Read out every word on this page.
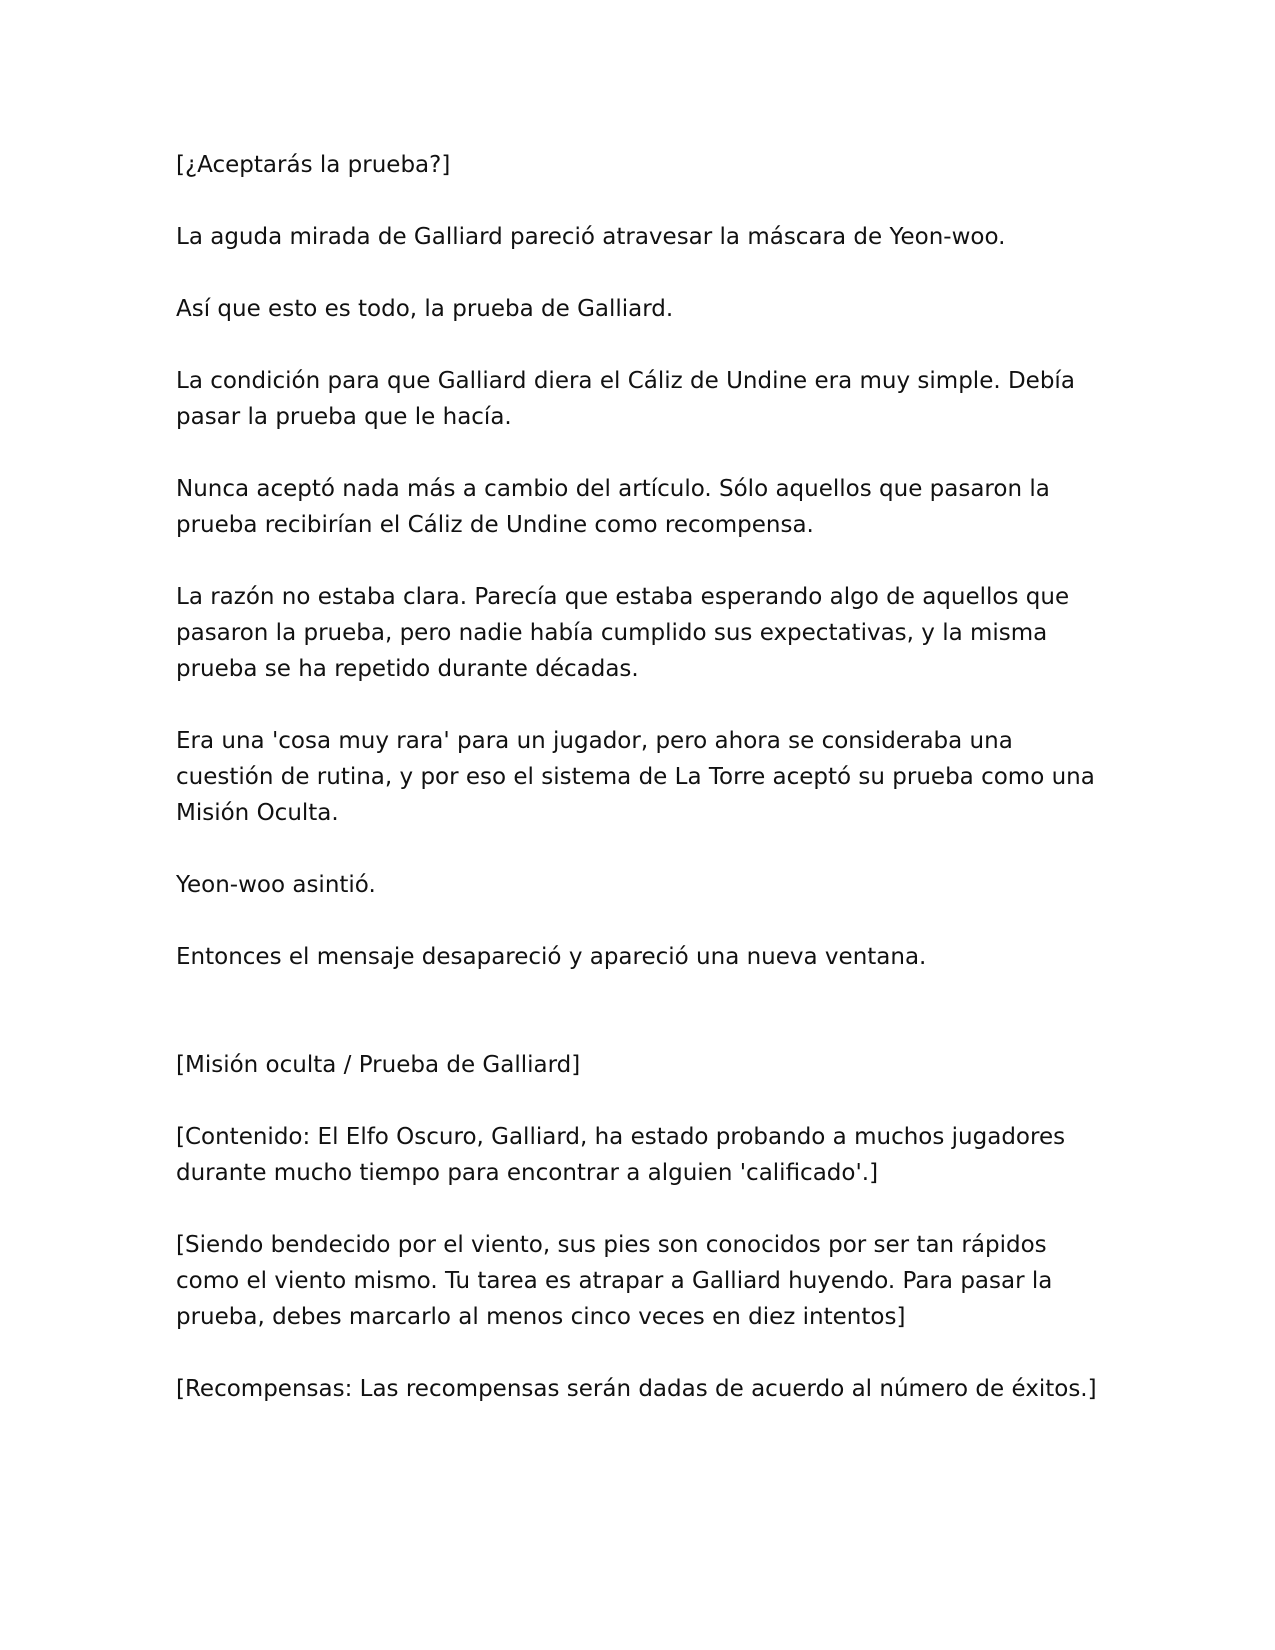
[¿Aceptarás la prueba?]

La aguda mirada de Galliard pareció atravesar la máscara de Yeon-woo.

Así que esto es todo, la prueba de Galliard.

La condición para que Galliard diera el Cáliz de Undine era muy simple. Debía

pasar la prueba que le hacía.

Nunca aceptó nada más a cambio del artículo. Sólo aquellos que pasaron la

prueba recibirían el Cáliz de Undine como recompensa.

La razón no estaba clara. Parecía que estaba esperando algo de aquellos que

pasaron la prueba, pero nadie había cumplido sus expectativas, y la misma

prueba se ha repetido durante décadas.

Era una 'cosa muy rara' para un jugador, pero ahora se consideraba una

cuestión de rutina, y por eso el sistema de La Torre aceptó su prueba como una

Misión Oculta.

Yeon-woo asintió.

Entonces el mensaje desapareció y apareció una nueva ventana.

[Misión oculta / Prueba de Galliard]

[Contenido: El Elfo Oscuro, Galliard, ha estado probando a muchos jugadores

durante mucho tiempo para encontrar a alguien 'calificado'.]

[Siendo bendecido por el viento, sus pies son conocidos por ser tan rápidos

como el viento mismo. Tu tarea es atrapar a Galliard huyendo. Para pasar la

prueba, debes marcarlo al menos cinco veces en diez intentos]

[Recompensas: Las recompensas serán dadas de acuerdo al número de éxitos.]
